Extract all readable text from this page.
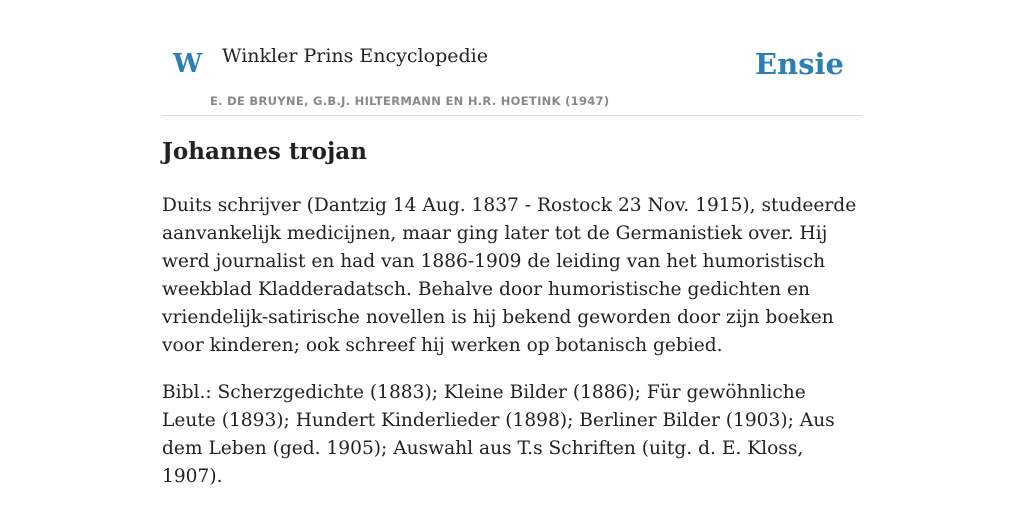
W Winkler Prins Encyclopedie
E. DE BRUYNE, G.B.J. HILTERMANN EN H.R. HOETINK (1947)
Ensie
Johannes trojan

Duits schrijver (Dantzig 14 Aug. 1837 - Rostock 23 Nov. 1915), studeerde aanvankelijk medicijnen, maar ging later tot de Germanistiek over. Hij werd journalist en had van 1886-1909 de leiding van het humoristisch weekblad Kladderadatsch. Behalve door humoristische gedichten en vriendelijk-satirische novellen is hij bekend geworden door zijn boeken voor kinderen; ook schreef hij werken op botanisch gebied.

Bibl.: Scherzgedichte (1883); Kleine Bilder (1886); Für gewöhnliche Leute (1893); Hundert Kinderlieder (1898); Berliner Bilder (1903); Aus dem Leben (ged. 1905); Auswahl aus T.s Schriften (uitg. d. E. Kloss, 1907).
